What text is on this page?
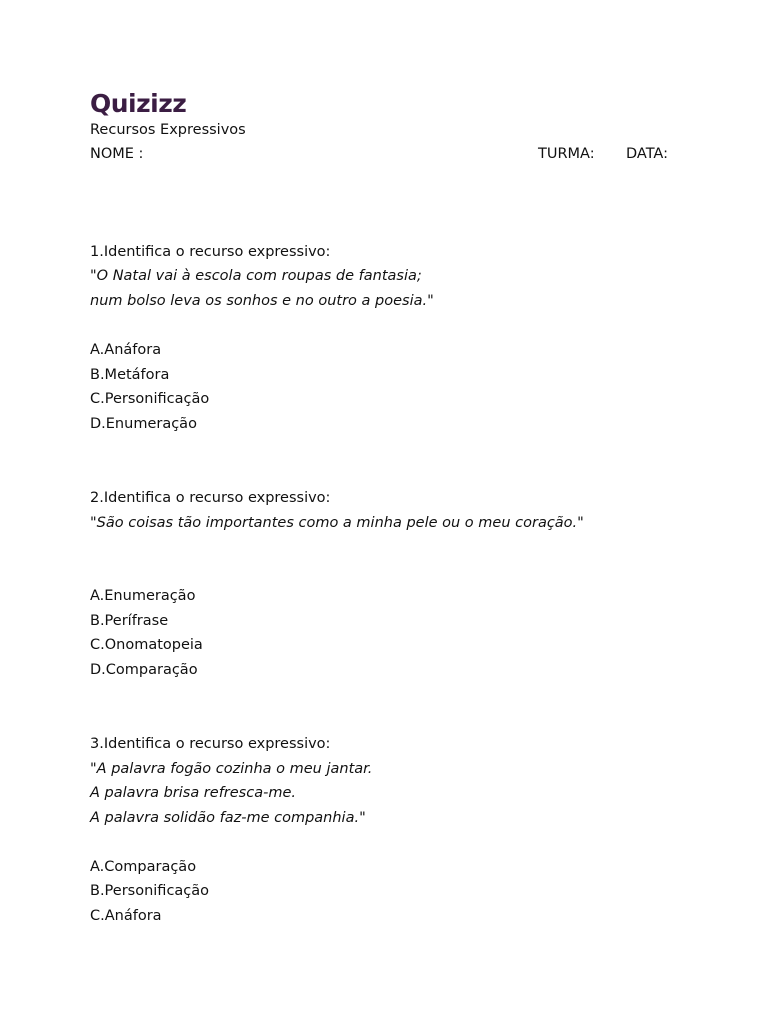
Quizizz
Recursos Expressivos
NOME :	TURMA: DATA:
1.Identifica o recurso expressivo:
"O Natal vai à escola com roupas de fantasia;
num bolso leva os sonhos e no outro a poesia."
A.Anáfora
B.Metáfora
C.Personificação
D.Enumeração
2.Identifica o recurso expressivo:
"São coisas tão importantes como a minha pele ou o meu coração."
A.Enumeração
B.Perífrase
C.Onomatopeia
D.Comparação
3.Identifica o recurso expressivo:
"A palavra fogão cozinha o meu jantar.
A palavra brisa refresca-me.
A palavra solidão faz-me companhia."
A.Comparação
B.Personificação
C.Anáfora
